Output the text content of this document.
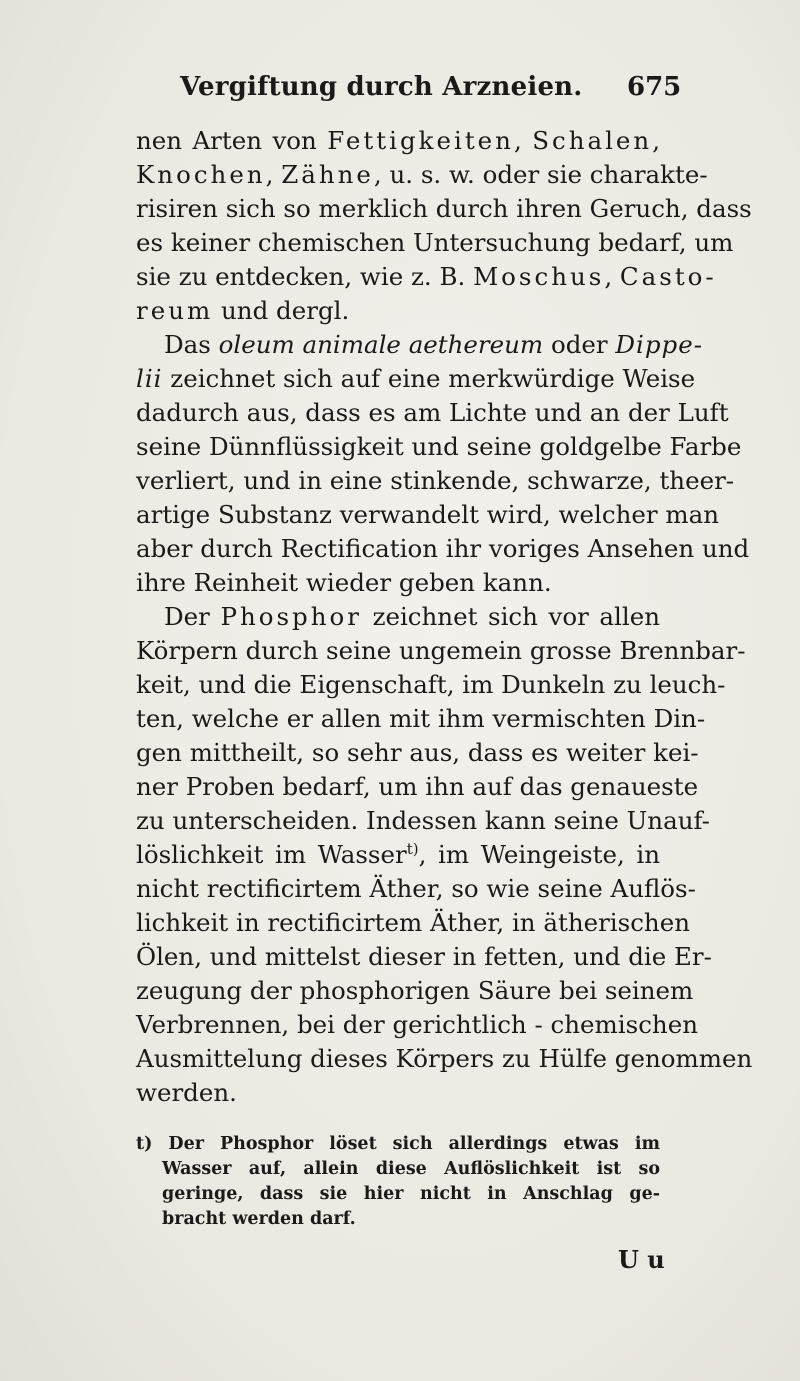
Vergiftung durch Arzneien. 675
nen Arten von Fettigkeiten, Schalen,
Knochen, Zähne, u. s. w. oder sie charakte-
risiren sich so merklich durch ihren Geruch, dass
es keiner chemischen Untersuchung bedarf, um
sie zu entdecken, wie z. B. Moschus, Casto-
reum und dergl.
Das oleum animale aethereum oder Dippe-
lii zeichnet sich auf eine merkwürdige Weise
dadurch aus, dass es am Lichte und an der Luft
seine Dünnflüssigkeit und seine goldgelbe Farbe
verliert, und in eine stinkende, schwarze, theer-
artige Substanz verwandelt wird, welcher man
aber durch Rectification ihr voriges Ansehen und
ihre Reinheit wieder geben kann.
Der Phosphor zeichnet sich vor allen
Körpern durch seine ungemein grosse Brennbar-
keit, und die Eigenschaft, im Dunkeln zu leuch-
ten, welche er allen mit ihm vermischten Din-
gen mittheilt, so sehr aus, dass es weiter kei-
ner Proben bedarf, um ihn auf das genaueste
zu unterscheiden. Indessen kann seine Unauf-
löslichkeit im Wasser$^{t)}$, im Weingeiste, in
nicht rectificirtem Äther, so wie seine Auflös-
lichkeit in rectificirtem Äther, in ätherischen
Ölen, und mittelst dieser in fetten, und die Er-
zeugung der phosphorigen Säure bei seinem
Verbrennen, bei der gerichtlich - chemischen
Ausmittelung dieses Körpers zu Hülfe genommen
werden.
t) Der Phosphor löset sich allerdings etwas im
Wasser auf, allein diese Auflöslichkeit ist so
geringe, dass sie hier nicht in Anschlag ge-
bracht werden darf.
U u
